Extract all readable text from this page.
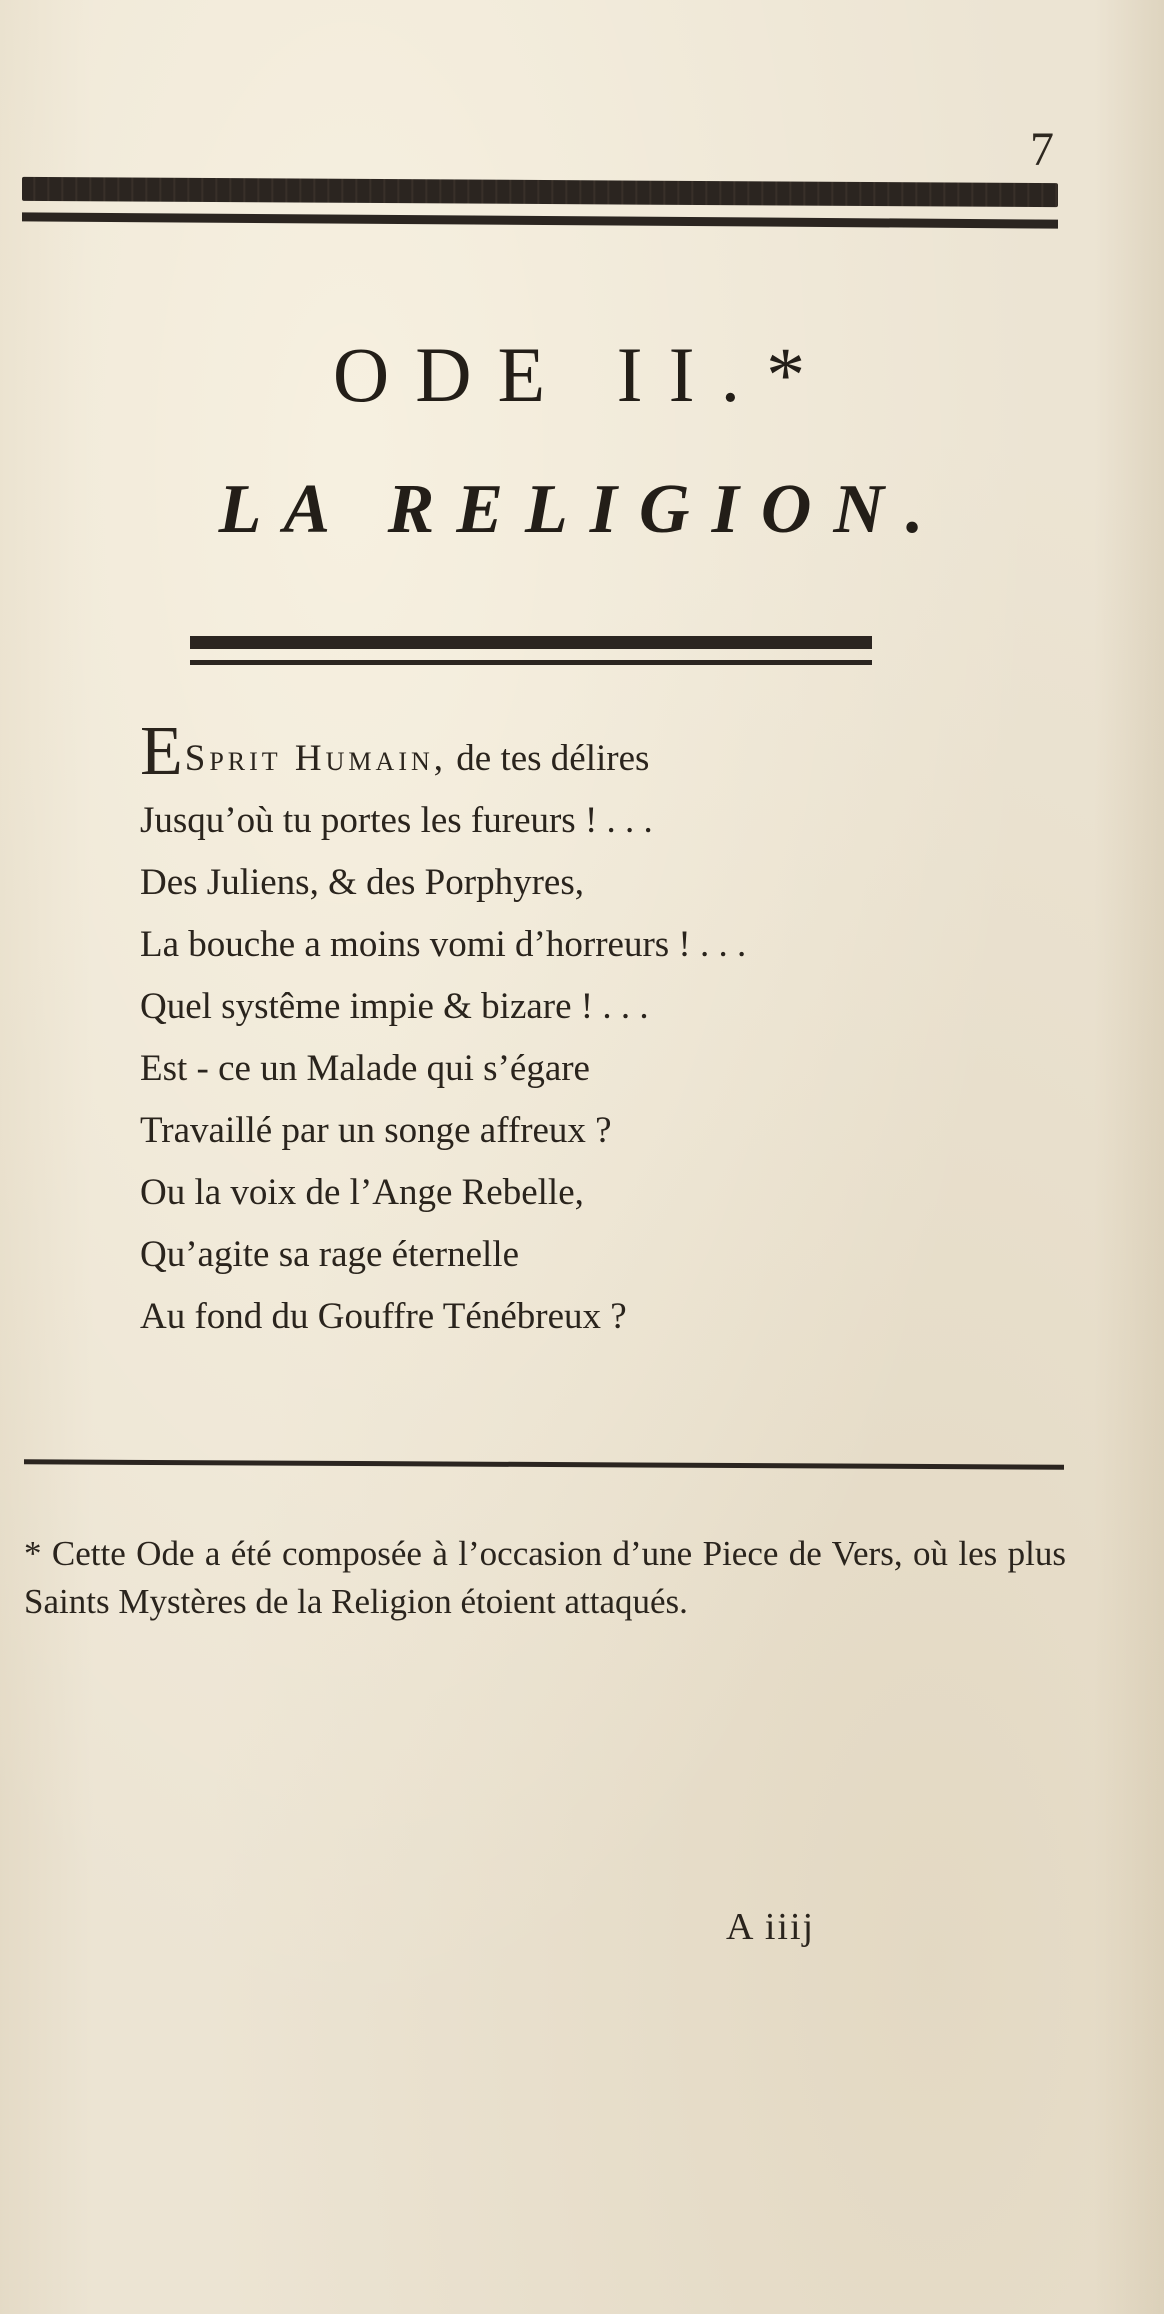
7
ODE II.*
LA RELIGION.
ESprit Humain, de tes délires
Jusqu’où tu portes les fureurs ! . . .
Des Juliens, & des Porphyres,
La bouche a moins vomi d’horreurs ! . . .
Quel systême impie & bizare ! . . .
Est - ce un Malade qui s’égare
Travaillé par un songe affreux ?
Ou la voix de l’Ange Rebelle,
Qu’agite sa rage éternelle
Au fond du Gouffre Ténébreux ?
* Cette Ode a été composée à l’occasion d’une Piece de Vers, où les plus Saints Mystères de la Religion étoient attaqués.
A iiij
